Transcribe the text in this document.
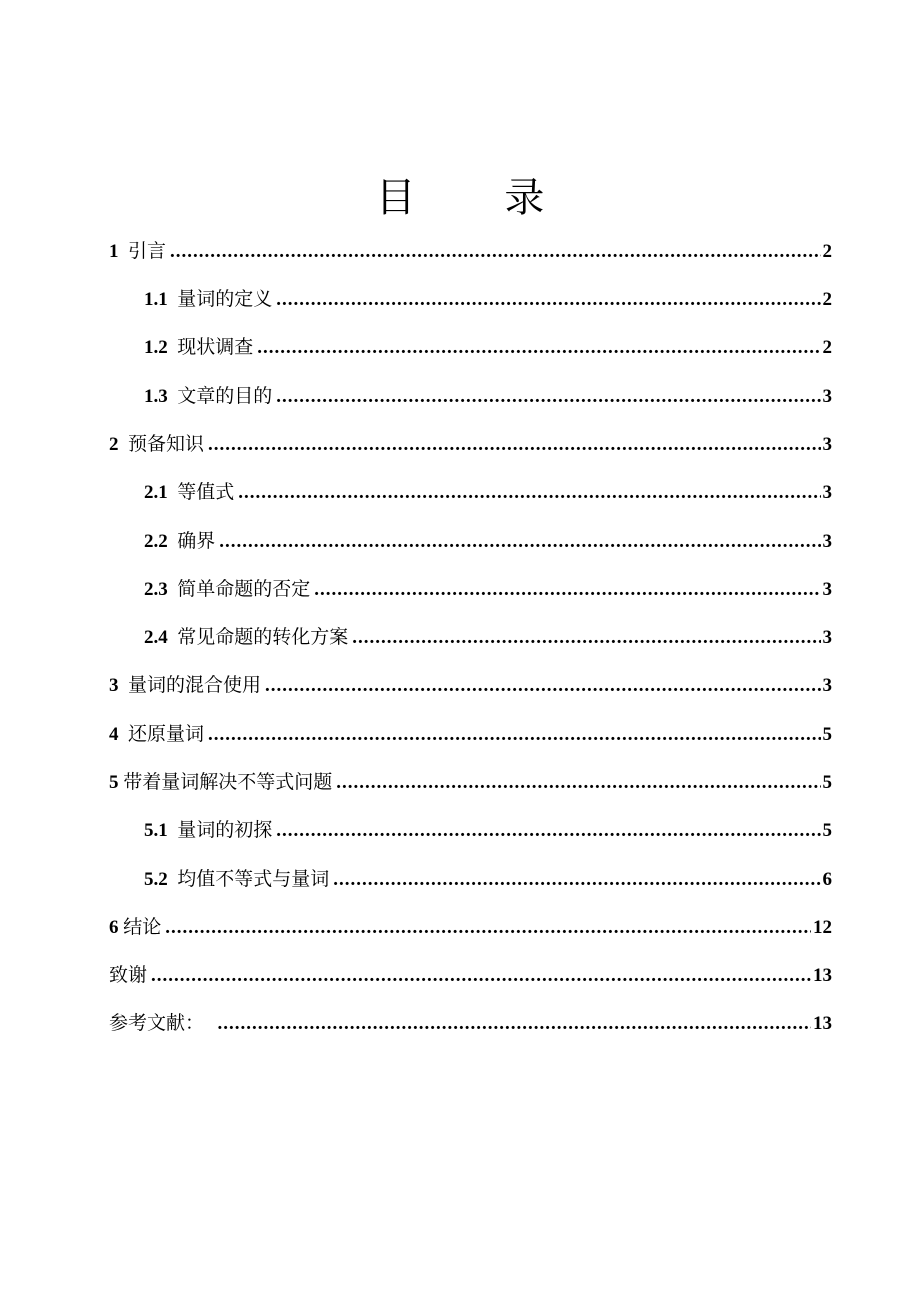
目 录
1 引言 .....	2
1.1 量词的定义 .....	2
1.2 现状调查 .....	2
1.3 文章的目的 .....	3
2 预备知识 .....	3
2.1 等值式 .....	3
2.2 确界 .....	3
2.3 简单命题的否定 .....	3
2.4 常见命题的转化方案 .....	3
3 量词的混合使用 .....	3
4 还原量词 .....	5
5 带着量词解决不等式问题 .....	5
5.1 量词的初探 .....	5
5.2 均值不等式与量词 .....	6
6 结论 .....	12
致谢 .....	13
参考文献： .....	13
